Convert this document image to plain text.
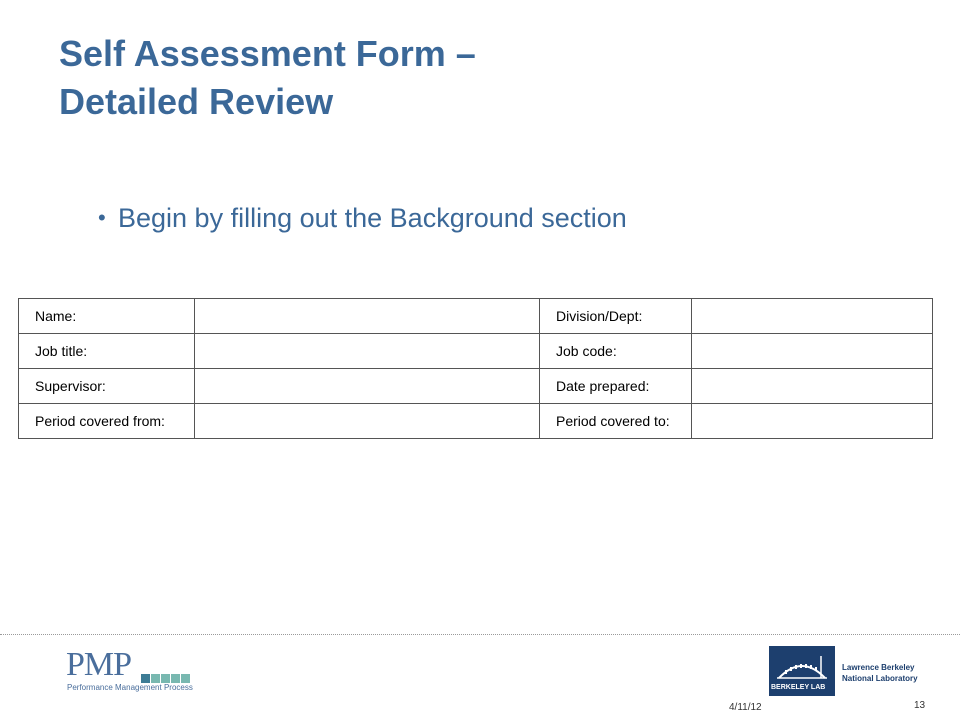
Self Assessment Form –
Detailed Review
• Begin by filling out the Background section
Name:		Division/Dept:	
Job title:		Job code:	
Supervisor:		Date prepared:	
Period covered from:		Period covered to:	
PMP
Performance Management Process	BERKELEY LAB
Lawrence Berkeley
National Laboratory
4/11/12	13
